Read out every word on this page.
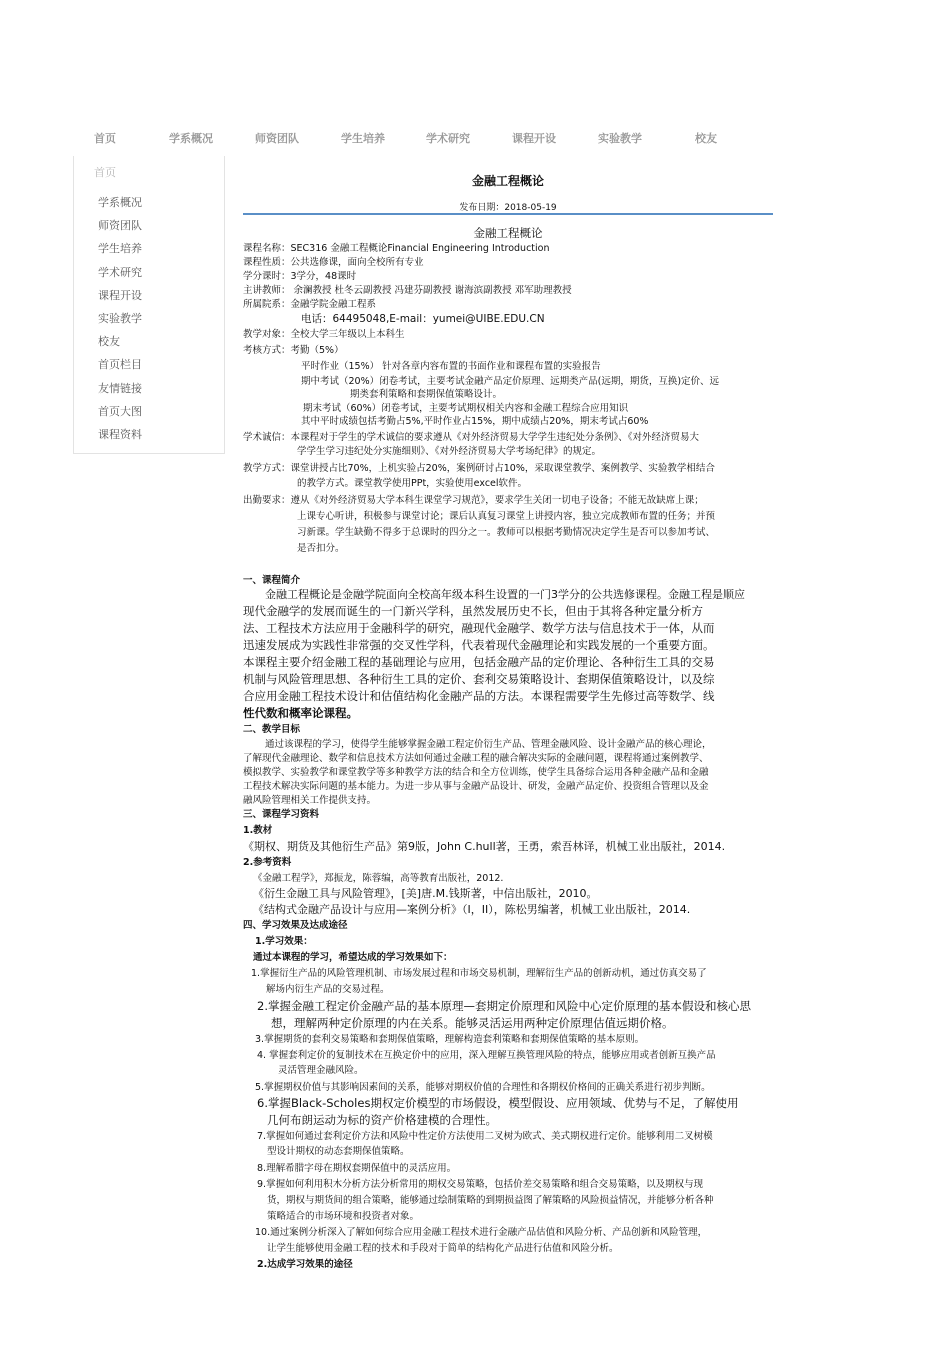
首页	学系概况	师资团队	学生培养	学术研究	课程开设	实验教学	校友
首页
学系概况
师资团队
学生培养
学术研究
课程开设
实验教学
校友
首页栏目
友情链接
首页大图
课程资料
金融工程概论
发布日期：2018-05-19
金融工程概论
课程名称：SEC316 金融工程概论Financial Engineering Introduction
课程性质：公共选修课，面向全校所有专业
学分课时：3学分，48课时
主讲教师： 余澜教授 杜冬云副教授 冯建芬副教授 谢海滨副教授 邓军助理教授
所属院系：金融学院金融工程系
电话：64495048,E-mail：yumei@UIBE.EDU.CN
教学对象：全校大学三年级以上本科生
考核方式：考勤（5%）
平时作业（15%） 针对各章内容布置的书面作业和课程布置的实验报告
期中考试（20%）闭卷考试，主要考试金融产品定价原理、远期类产品(远期，期货，互换)定价、远
期类套利策略和套期保值策略设计。
期末考试（60%）闭卷考试，主要考试期权相关内容和金融工程综合应用知识
其中平时成绩包括考勤占5%,平时作业占15%，期中成绩占20%，期末考试占60%
学术诚信：本课程对于学生的学术诚信的要求遵从《对外经济贸易大学学生违纪处分条例》、《对外经济贸易大
学学生学习违纪处分实施细则》、《对外经济贸易大学考场纪律》的规定。
教学方式：课堂讲授占比70%，上机实验占20%，案例研讨占10%，采取课堂教学、案例教学、实验教学相结合
的教学方式。课堂教学使用PPt，实验使用excel软件。
出勤要求：遵从《对外经济贸易大学本科生课堂学习规范》，要求学生关闭一切电子设备；不能无故缺席上课；
上课专心听讲，积极参与课堂讨论；课后认真复习课堂上讲授内容，独立完成教师布置的任务；并预
习新课。学生缺勤不得多于总课时的四分之一。教师可以根据考勤情况决定学生是否可以参加考试、
是否扣分。
一、课程简介
金融工程概论是金融学院面向全校高年级本科生设置的一门3学分的公共选修课程。金融工程是顺应
现代金融学的发展而诞生的一门新兴学科，虽然发展历史不长，但由于其将各种定量分析方
法、工程技术方法应用于金融科学的研究，融现代金融学、数学方法与信息技术于一体，从而
迅速发展成为实践性非常强的交叉性学科，代表着现代金融理论和实践发展的一个重要方面。
本课程主要介绍金融工程的基础理论与应用，包括金融产品的定价理论、各种衍生工具的交易
机制与风险管理思想、各种衍生工具的定价、套利交易策略设计、套期保值策略设计，以及综
合应用金融工程技术设计和估值结构化金融产品的方法。本课程需要学生先修过高等数学、线
性代数和概率论课程。
二、教学目标
通过该课程的学习，使得学生能够掌握金融工程定价衍生产品、管理金融风险、设计金融产品的核心理论，
了解现代金融理论、数学和信息技术方法如何通过金融工程的融合解决实际的金融问题，课程将通过案例教学、
模拟教学、实验教学和课堂教学等多种教学方法的结合和全方位训练，使学生具备综合运用各种金融产品和金融
工程技术解决实际问题的基本能力。为进一步从事与金融产品设计、研发，金融产品定价、投资组合管理以及金
融风险管理相关工作提供支持。
三、课程学习资料
1.教材
《期权、期货及其他衍生产品》第9版，John C.hull著，王勇，索吾林译，机械工业出版社，2014.
2.参考资料
《金融工程学》，郑振龙，陈蓉编，高等教育出版社，2012.
《衍生金融工具与风险管理》，[美]唐.M.钱斯著，中信出版社，2010。
《结构式金融产品设计与应用—案例分析》（I，II），陈松男编著，机械工业出版社，2014.
四、学习效果及达成途径
1.学习效果：
通过本课程的学习，希望达成的学习效果如下：
1.掌握衍生产品的风险管理机制、市场发展过程和市场交易机制，理解衍生产品的创新动机，通过仿真交易了
解场内衍生产品的交易过程。
2.掌握金融工程定价金融产品的基本原理—套期定价原理和风险中心定价原理的基本假设和核心思
想，理解两种定价原理的内在关系。能够灵活运用两种定价原理估值远期价格。
3.掌握期货的套利交易策略和套期保值策略，理解构造套利策略和套期保值策略的基本原则。
4. 掌握套利定价的复制技术在互换定价中的应用，深入理解互换管理风险的特点，能够应用或者创新互换产品
灵活管理金融风险。
5.掌握期权价值与其影响因素间的关系，能够对期权价值的合理性和各期权价格间的正确关系进行初步判断。
6.掌握Black-Scholes期权定价模型的市场假设，模型假设、应用领域、优势与不足，了解使用
几何布朗运动为标的资产价格建模的合理性。
7.掌握如何通过套利定价方法和风险中性定价方法使用二叉树为欧式、美式期权进行定价。能够利用二叉树模
型设计期权的动态套期保值策略。
8.理解希腊字母在期权套期保值中的灵活应用。
9.掌握如何利用积木分析方法分析常用的期权交易策略，包括价差交易策略和组合交易策略，以及期权与现
货，期权与期货间的组合策略，能够通过绘制策略的到期损益图了解策略的风险损益情况，并能够分析各种
策略适合的市场环境和投资者对象。
10.通过案例分析深入了解如何综合应用金融工程技术进行金融产品估值和风险分析、产品创新和风险管理，
让学生能够使用金融工程的技术和手段对于简单的结构化产品进行估值和风险分析。
2.达成学习效果的途径
